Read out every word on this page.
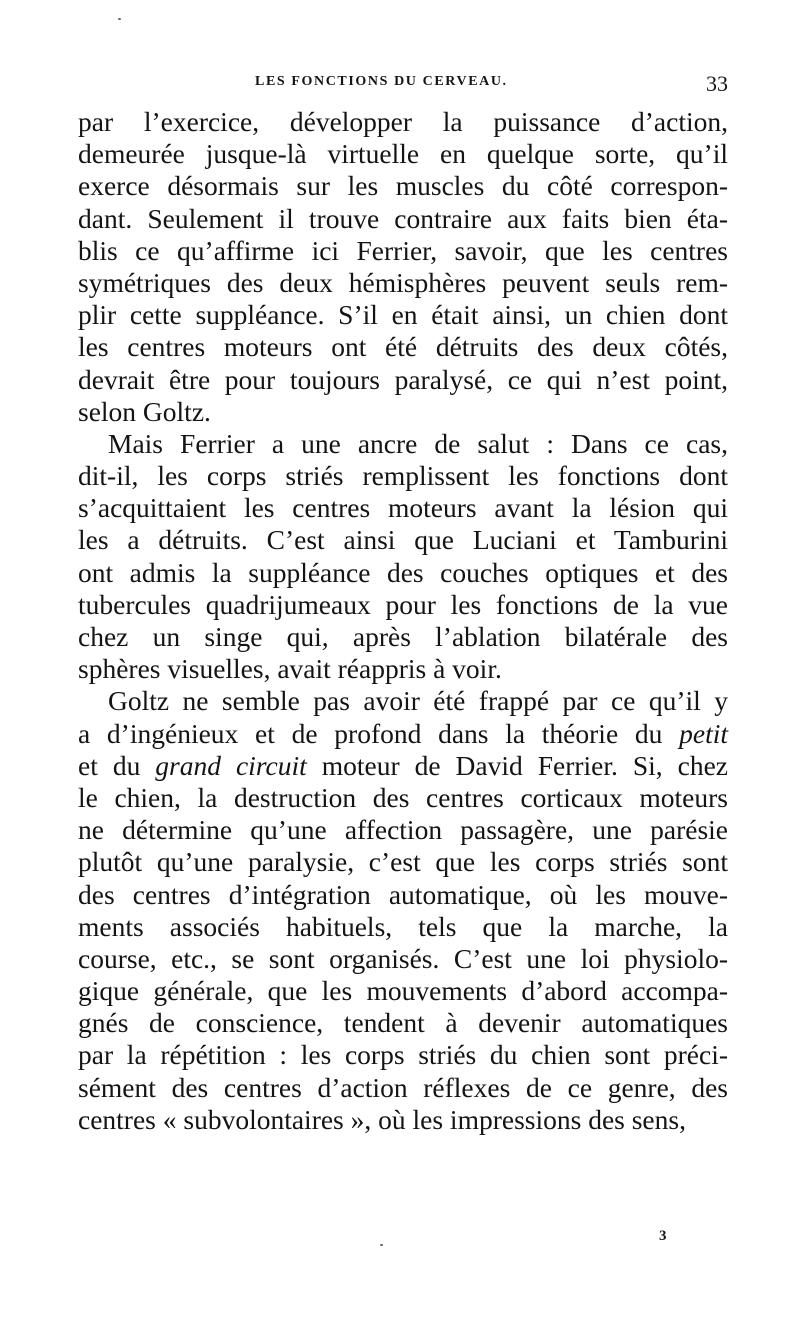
LES FONCTIONS DU CERVEAU.	33
par l’exercice, développer la puissance d’action,
demeurée jusque-là virtuelle en quelque sorte, qu’il
exerce désormais sur les muscles du côté correspon-
dant. Seulement il trouve contraire aux faits bien éta-
blis ce qu’affirme ici Ferrier, savoir, que les centres
symétriques des deux hémisphères peuvent seuls rem-
plir cette suppléance. S’il en était ainsi, un chien dont
les centres moteurs ont été détruits des deux côtés,
devrait être pour toujours paralysé, ce qui n’est point,
selon Goltz.
Mais Ferrier a une ancre de salut : Dans ce cas,
dit-il, les corps striés remplissent les fonctions dont
s’acquittaient les centres moteurs avant la lésion qui
les a détruits. C’est ainsi que Luciani et Tamburini
ont admis la suppléance des couches optiques et des
tubercules quadrijumeaux pour les fonctions de la vue
chez un singe qui, après l’ablation bilatérale des
sphères visuelles, avait réappris à voir.
Goltz ne semble pas avoir été frappé par ce qu’il y
a d’ingénieux et de profond dans la théorie du petit
et du grand circuit moteur de David Ferrier. Si, chez
le chien, la destruction des centres corticaux moteurs
ne détermine qu’une affection passagère, une parésie
plutôt qu’une paralysie, c’est que les corps striés sont
des centres d’intégration automatique, où les mouve-
ments associés habituels, tels que la marche, la
course, etc., se sont organisés. C’est une loi physiolo-
gique générale, que les mouvements d’abord accompa-
gnés de conscience, tendent à devenir automatiques
par la répétition : les corps striés du chien sont préci-
sément des centres d’action réflexes de ce genre, des
centres « subvolontaires », où les impressions des sens,
3
